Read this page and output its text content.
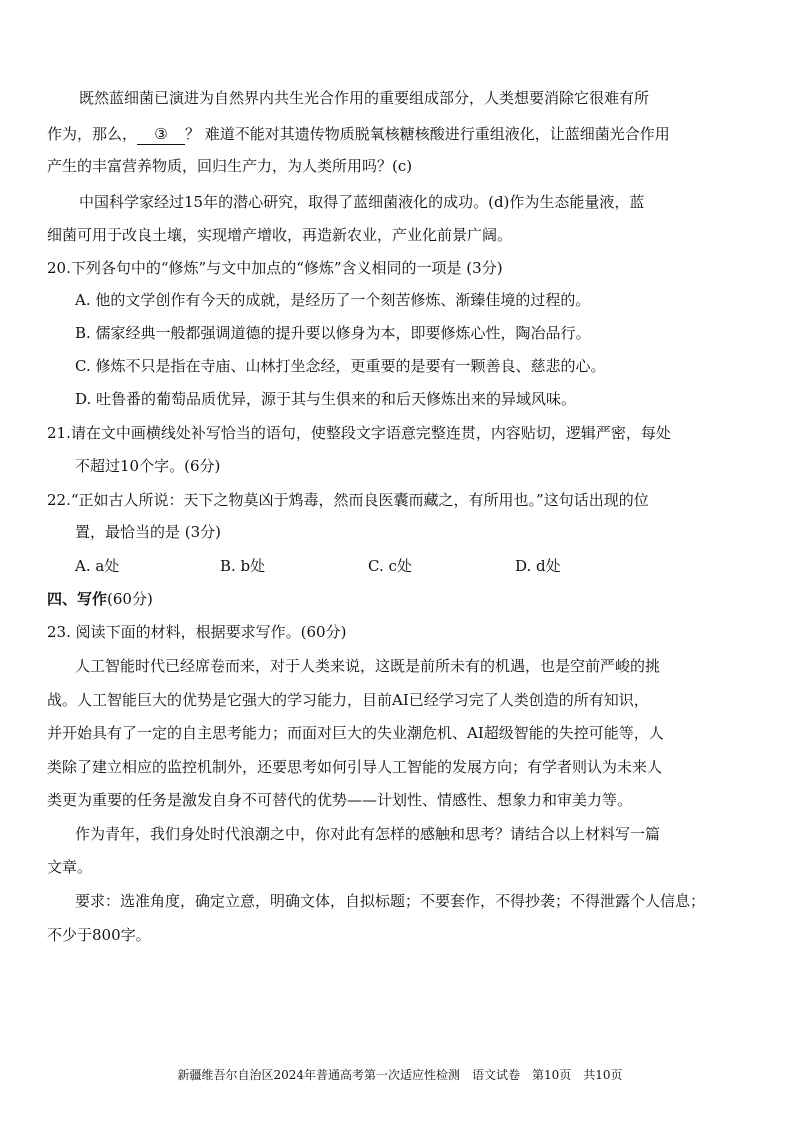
既然蓝细菌已演进为自然界内共生光合作用的重要组成部分，人类想要消除它很难有所
作为，那么， ③ ？ 难道不能对其遗传物质脱氧核糖核酸进行重组液化，让蓝细菌光合作用
产生的丰富营养物质，回归生产力，为人类所用吗？(c)
中国科学家经过15年的潜心研究，取得了蓝细菌液化的成功。(d)作为生态能量液，蓝
细菌可用于改良土壤，实现增产增收，再造新农业，产业化前景广阔。
20.下列各句中的“修炼”与文中加点的“修炼”含义相同的一项是 (3分)
A. 他的文学创作有今天的成就，是经历了一个刻苦修炼、渐臻佳境的过程的。
B. 儒家经典一般都强调道德的提升要以修身为本，即要修炼心性，陶冶品行。
C. 修炼不只是指在寺庙、山林打坐念经，更重要的是要有一颗善良、慈悲的心。
D. 吐鲁番的葡萄品质优异，源于其与生俱来的和后天修炼出来的异域风味。
21.请在文中画横线处补写恰当的语句，使整段文字语意完整连贯，内容贴切，逻辑严密，每处
不超过10个字。(6分)
22.“正如古人所说：天下之物莫凶于鸩毒，然而良医囊而藏之，有所用也。”这句话出现的位
置，最恰当的是 (3分)
A. a处	B. b处	C. c处	D. d处
四、写作(60分)
23. 阅读下面的材料，根据要求写作。(60分)
人工智能时代已经席卷而来，对于人类来说，这既是前所未有的机遇，也是空前严峻的挑
战。人工智能巨大的优势是它强大的学习能力，目前AI已经学习完了人类创造的所有知识，
并开始具有了一定的自主思考能力；而面对巨大的失业潮危机、AI超级智能的失控可能等，人
类除了建立相应的监控机制外，还要思考如何引导人工智能的发展方向；有学者则认为未来人
类更为重要的任务是激发自身不可替代的优势——计划性、情感性、想象力和审美力等。
作为青年，我们身处时代浪潮之中，你对此有怎样的感触和思考？请结合以上材料写一篇
文章。
要求：选准角度，确定立意，明确文体，自拟标题；不要套作，不得抄袭；不得泄露个人信息；
不少于800字。
新疆维吾尔自治区2024年普通高考第一次适应性检测　语文试卷　第10页　共10页
